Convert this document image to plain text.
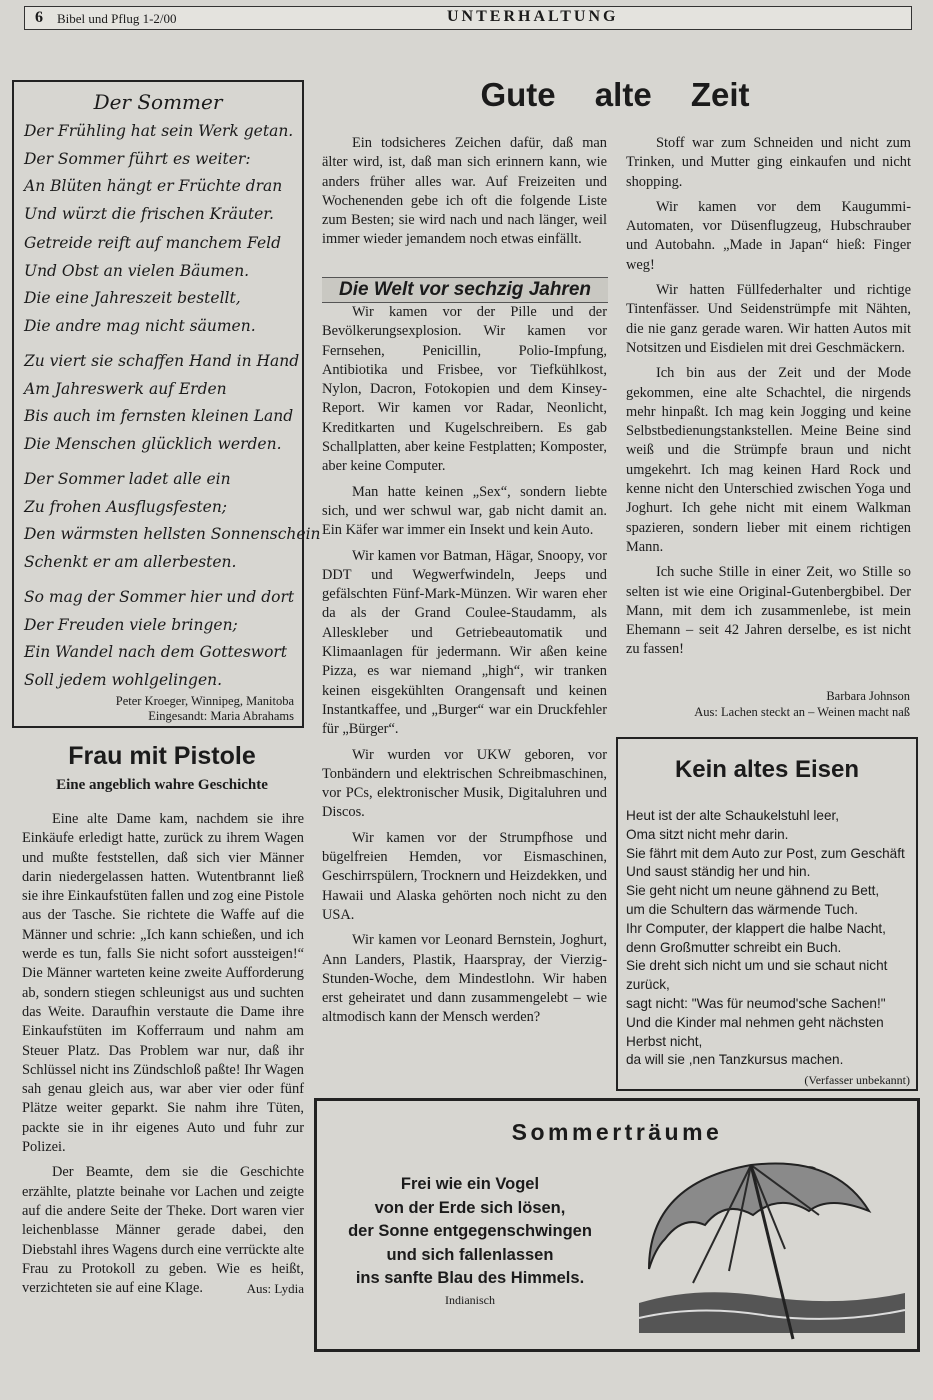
6 Bibel und Pflug 1-2/00	UNTERHALTUNG
Der Sommer
Der Frühling hat sein Werk getan.
Der Sommer führt es weiter:
An Blüten hängt er Früchte dran
Und würzt die frischen Kräuter.
Getreide reift auf manchem Feld
Und Obst an vielen Bäumen.
Die eine Jahreszeit bestellt,
Die andre mag nicht säumen.
Zu viert sie schaffen Hand in Hand
Am Jahreswerk auf Erden
Bis auch im fernsten kleinen Land
Die Menschen glücklich werden.
Der Sommer ladet alle ein
Zu frohen Ausflugsfesten;
Den wärmsten hellsten Sonnenschein
Schenkt er am allerbesten.
So mag der Sommer hier und dort
Der Freuden viele bringen;
Ein Wandel nach dem Gotteswort
Soll jedem wohlgelingen.
Peter Kroeger, Winnipeg, Manitoba
Eingesandt: Maria Abrahams
Frau mit Pistole
Eine angeblich wahre Geschichte

Eine alte Dame kam, nachdem sie ihre Einkäufe erledigt hatte, zurück zu ihrem Wagen und mußte feststellen, daß sich vier Männer darin niedergelassen hatten. Wutentbrannt ließ sie ihre Einkaufstüten fallen und zog eine Pistole aus der Tasche. Sie richtete die Waffe auf die Männer und schrie: „Ich kann schießen, und ich werde es tun, falls Sie nicht sofort aussteigen!“ Die Männer warteten keine zweite Aufforderung ab, sondern stiegen schleunigst aus und suchten das Weite. Daraufhin verstaute die Dame ihre Einkaufstüten im Kofferraum und nahm am Steuer Platz. Das Problem war nur, daß ihr Schlüssel nicht ins Zündschloß paßte! Ihr Wagen sah genau gleich aus, war aber vier oder fünf Plätze weiter geparkt. Sie nahm ihre Tüten, packte sie in ihr eigenes Auto und fuhr zur Polizei.

Der Beamte, dem sie die Geschichte erzählte, platzte beinahe vor Lachen und zeigte auf die andere Seite der Theke. Dort waren vier leichenblasse Männer gerade dabei, den Diebstahl ihres Wagens durch eine verrückte alte Frau zu Protokoll zu geben. Wie es heißt, verzichteten sie auf eine Klage.	Aus: Lydia
Gute alte Zeit

Ein todsicheres Zeichen dafür, daß man älter wird, ist, daß man sich erinnern kann, wie anders früher alles war. Auf Freizeiten und Wochenenden gebe ich oft die folgende Liste zum Besten; sie wird nach und nach länger, weil immer wieder jemandem noch etwas einfällt.

Die Welt vor sechzig Jahren

Wir kamen vor der Pille und der Bevölkerungsexplosion. Wir kamen vor Fernsehen, Penicillin, Polio-Impfung, Antibiotika und Frisbee, vor Tiefkühlkost, Nylon, Dacron, Fotokopien und dem Kinsey-Report. Wir kamen vor Radar, Neonlicht, Kreditkarten und Kugelschreibern. Es gab Schallplatten, aber keine Festplatten; Komposter, aber keine Computer.

Man hatte keinen „Sex“, sondern liebte sich, und wer schwul war, gab nicht damit an. Ein Käfer war immer ein Insekt und kein Auto.

Wir kamen vor Batman, Hägar, Snoopy, vor DDT und Wegwerfwindeln, Jeeps und gefälschten Fünf-Mark-Münzen. Wir waren eher da als der Grand Coulee-Staudamm, als Alleskleber und Getriebeautomatik und Klimaanlagen für jedermann. Wir aßen keine Pizza, es war niemand „high“, wir tranken keinen eisgekühlten Orangensaft und keinen Instantkaffee, und „Burger“ war ein Druckfehler für „Bürger“.

Wir wurden vor UKW geboren, vor Tonbändern und elektrischen Schreibmaschinen, vor PCs, elektronischer Musik, Digitaluhren und Discos.

Wir kamen vor der Strumpfhose und bügelfreien Hemden, vor Eismaschinen, Geschirrspülern, Trocknern und Heizdekken, und Hawaii und Alaska gehörten noch nicht zu den USA.

Wir kamen vor Leonard Bernstein, Joghurt, Ann Landers, Plastik, Haarspray, der Vierzig-Stunden-Woche, dem Mindestlohn. Wir haben erst geheiratet und dann zusammengelebt – wie altmodisch kann der Mensch werden?

Stoff war zum Schneiden und nicht zum Trinken, und Mutter ging einkaufen und nicht shopping.

Wir kamen vor dem Kaugummi-Automaten, vor Düsenflugzeug, Hubschrauber und Autobahn. „Made in Japan“ hieß: Finger weg!

Wir hatten Füllfederhalter und richtige Tintenfässer. Und Seidenstrümpfe mit Nähten, die nie ganz gerade waren. Wir hatten Autos mit Notsitzen und Eisdielen mit drei Geschmäckern.

Ich bin aus der Zeit und der Mode gekommen, eine alte Schachtel, die nirgends mehr hinpaßt. Ich mag kein Jogging und keine Selbstbedienungstankstellen. Meine Beine sind weiß und die Strümpfe braun und nicht umgekehrt. Ich mag keinen Hard Rock und kenne nicht den Unterschied zwischen Yoga und Joghurt. Ich gehe nicht mit einem Walkman spazieren, sondern lieber mit einem richtigen Mann.

Ich suche Stille in einer Zeit, wo Stille so selten ist wie eine Original-Gutenbergbibel. Der Mann, mit dem ich zusammenlebe, ist mein Ehemann – seit 42 Jahren derselbe, es ist nicht zu fassen!

Barbara Johnson
Aus: Lachen steckt an – Weinen macht naß
Kein altes Eisen
Heut ist der alte Schaukelstuhl leer,
Oma sitzt nicht mehr darin.
Sie fährt mit dem Auto zur Post, zum Geschäft
Und saust ständig her und hin.
Sie geht nicht um neune gähnend zu Bett,
um die Schultern das wärmende Tuch.
Ihr Computer, der klappert die halbe Nacht,
denn Großmutter schreibt ein Buch.
Sie dreht sich nicht um und sie schaut nicht
zurück,
sagt nicht: "Was für neumod'sche Sachen!"
Und die Kinder mal nehmen geht nächsten
Herbst nicht,
da will sie ,nen Tanzkursus machen.
(Verfasser unbekannt)
Sommerträume
Frei wie ein Vogel
von der Erde sich lösen,
der Sonne entgegenschwingen
und sich fallenlassen
ins sanfte Blau des Himmels.
Indianisch
